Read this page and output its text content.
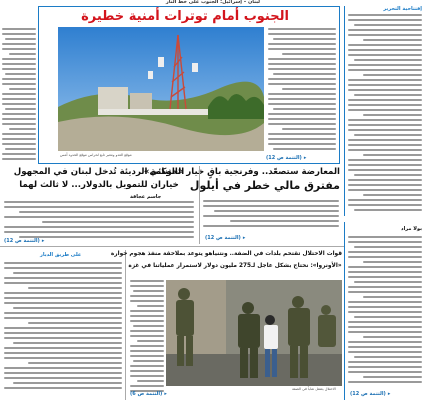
لبنان – إسرائيل: الجنوب على خط النار
إفتتاحية التحرير
الجنوب أمام توترات أمنية خطيرة
موقع العدو ومعبر تابع لحراس موقع الحدود أمس	▸ (التتمة ص 12)
المعارضة ستصعّد.. وفرنجية باقٍ خيار «الثنائي»
مفترق مالي خطر في أيلول
▸ (التتمة ص 12)
بولا مراد
الحوكمة الرديئة تُدخل لبنان في المجهول
خياران للتمويل بالدولار... لا ثالث لهما
جاسم عجاقة
▸ (التتمة ص 12)
على طريق الديار	قوات الاحتلال تقتحم بلدات في الضفة.. ونتنياهو يتوعد بملاحقة منفذ هجوم حوارة
«الأونروا»: نحتاج بشكل عاجل لـ275 مليون دولار لاستمرار عملياتنا في غزة
الاحتلال يعتقل شاباً في الضفة
▸ (التتمة ص 6)	▸ (التتمة ص 12)
